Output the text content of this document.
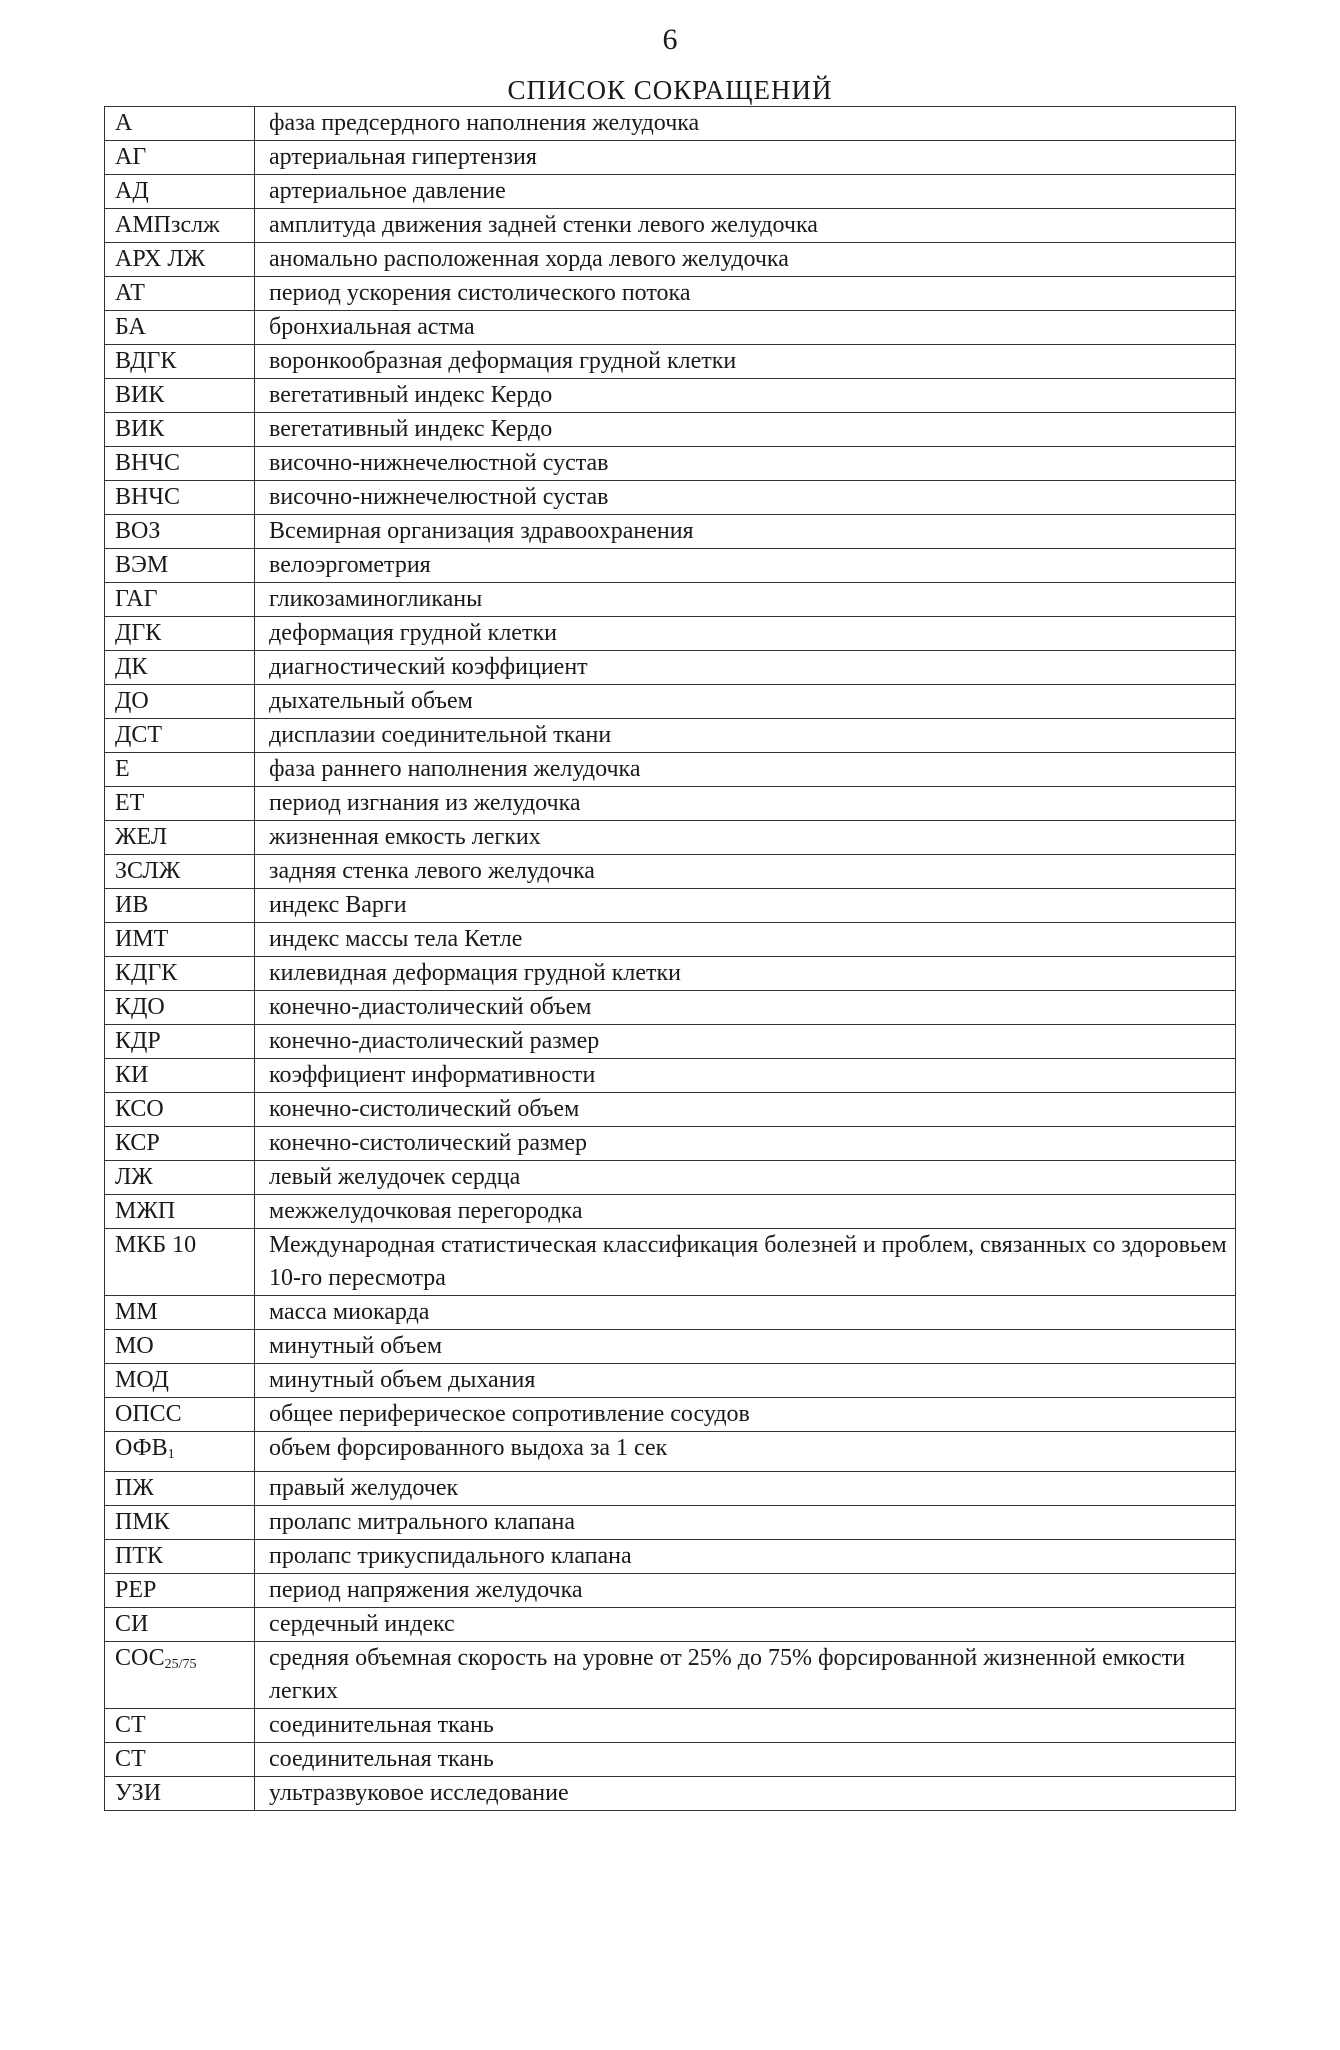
6
СПИСОК СОКРАЩЕНИЙ
А	фаза предсердного наполнения желудочка
АГ	артериальная гипертензия
АД	артериальное давление
АМПзслж	амплитуда движения задней стенки левого желудочка
АРХ ЛЖ	аномально расположенная хорда левого желудочка
АТ	период ускорения систолического потока
БА	бронхиальная астма
ВДГК	воронкообразная деформация грудной клетки
ВИК	вегетативный индекс Кердо
ВИК	вегетативный индекс Кердо
ВНЧС	височно-нижнечелюстной сустав
ВНЧС	височно-нижнечелюстной сустав
ВОЗ	Всемирная организация здравоохранения
ВЭМ	велоэргометрия
ГАГ	гликозаминогликаны
ДГК	деформация грудной клетки
ДК	диагностический коэффициент
ДО	дыхательный объем
ДСТ	дисплазии соединительной ткани
Е	фаза раннего наполнения желудочка
ЕТ	период изгнания из желудочка
ЖЕЛ	жизненная емкость легких
ЗСЛЖ	задняя стенка левого желудочка
ИВ	индекс Варги
ИМТ	индекс массы тела Кетле
КДГК	килевидная деформация грудной клетки
КДО	конечно-диастолический объем
КДР	конечно-диастолический размер
КИ	коэффициент информативности
КСО	конечно-систолический объем
КСР	конечно-систолический размер
ЛЖ	левый желудочек сердца
МЖП	межжелудочковая перегородка
МКБ 10	Международная статистическая классификация болезней и проблем, связанных со здоровьем 10-го пересмотра
ММ	масса миокарда
МО	минутный объем
МОД	минутный объем дыхания
ОПСС	общее периферическое сопротивление сосудов
$ОФВ_1$	объем форсированного выдоха за 1 сек
ПЖ	правый желудочек
ПМК	пролапс митрального клапана
ПТК	пролапс трикуспидального клапана
PEP	период напряжения желудочка
СИ	сердечный индекс
$СОС_{25/75}$	средняя объемная скорость на уровне от 25% до 75% форсированной жизненной емкости легких
СТ	соединительная ткань
СТ	соединительная ткань
УЗИ	ультразвуковое исследование
